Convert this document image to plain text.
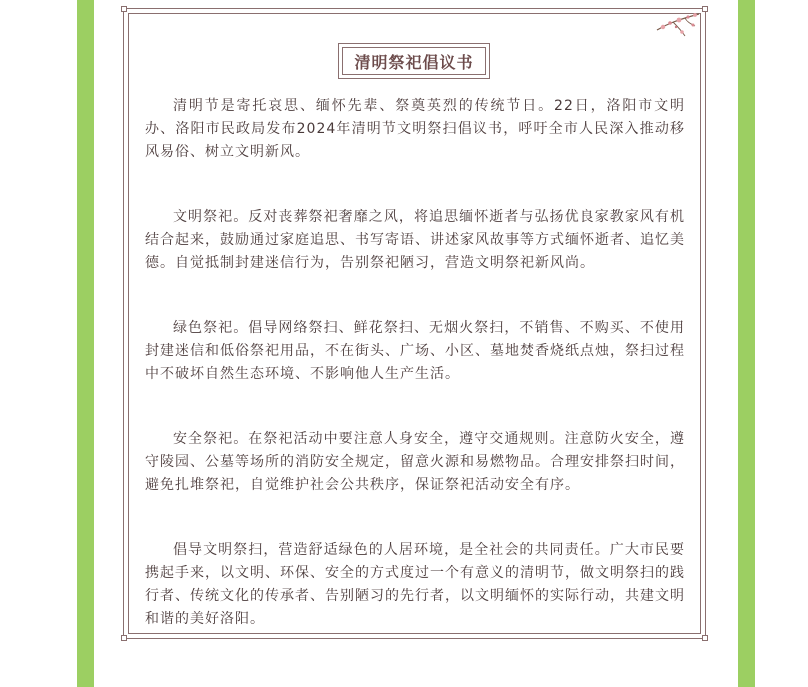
清明祭祀倡议书

清明节是寄托哀思、缅怀先辈、祭奠英烈的传统节日。22日，洛阳市文明办、洛阳市民政局发布2024年清明节文明祭扫倡议书，呼吁全市人民深入推动移风易俗、树立文明新风。

文明祭祀。反对丧葬祭祀奢靡之风，将追思缅怀逝者与弘扬优良家教家风有机结合起来，鼓励通过家庭追思、书写寄语、讲述家风故事等方式缅怀逝者、追忆美德。自觉抵制封建迷信行为，告别祭祀陋习，营造文明祭祀新风尚。

绿色祭祀。倡导网络祭扫、鲜花祭扫、无烟火祭扫，不销售、不购买、不使用封建迷信和低俗祭祀用品，不在街头、广场、小区、墓地焚香烧纸点烛，祭扫过程中不破坏自然生态环境、不影响他人生产生活。

安全祭祀。在祭祀活动中要注意人身安全，遵守交通规则。注意防火安全，遵守陵园、公墓等场所的消防安全规定，留意火源和易燃物品。合理安排祭扫时间，避免扎堆祭祀，自觉维护社会公共秩序，保证祭祀活动安全有序。

倡导文明祭扫，营造舒适绿色的人居环境，是全社会的共同责任。广大市民要携起手来，以文明、环保、安全的方式度过一个有意义的清明节，做文明祭扫的践行者、传统文化的传承者、告别陋习的先行者，以文明缅怀的实际行动，共建文明和谐的美好洛阳。
